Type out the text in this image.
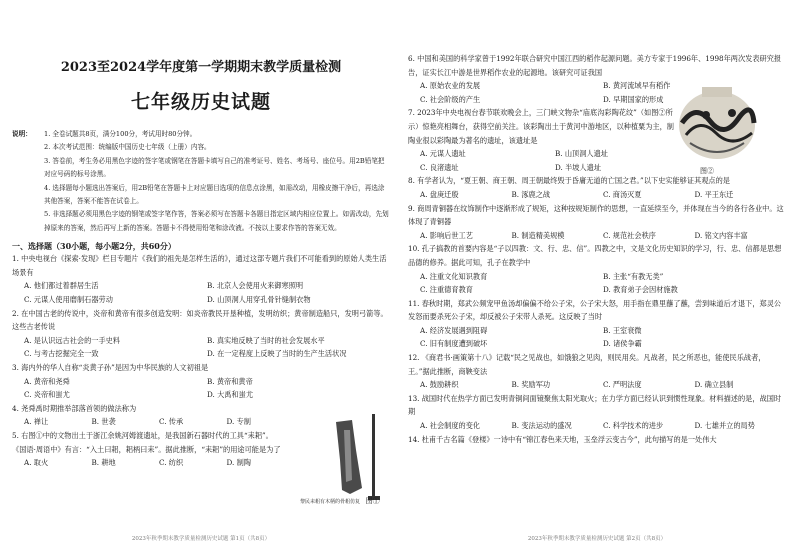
2023至2024学年度第一学期期末教学质量检测
七年级历史试题
说明： 1. 全卷试题共8页，满分100分，考试用时80分钟。

2. 本次考试范围：统编版中国历史七年级（上册）内容。

3. 答卷前，考生务必用黑色字迹的签字笔或钢笔在答题卡填写自己的准考证号、姓名、考场号、座位号。用2B铅笔把对应号码的标号涂黑。

4. 选择题每小题选出答案后，用2B铅笔在答题卡上对应题目选项的信息点涂黑，如需改动，用橡皮擦干净后，再选涂其他答案，答案不能答在试卷上。

5. 非选择题必须用黑色字迹的钢笔或签字笔作答，答案必须写在答题卡各题目指定区域内相应位置上。如需改动，先划掉原来的答案，然后再写上新的答案。答题卡不得使用铅笔和涂改液。不按以上要求作答的答案无效。

一、选择题（30小题，每小题2分，共60分）

1. 中央电视台《探索·发现》栏目专题片《我们的祖先是怎样生活的》，通过这部专题片我们不可能看到的原始人类生活场景有

A. 他们都过着群居生活	B. 北京人会使用火来御寒照明
C. 元谋人使用磨制石器劳动	D. 山顶洞人用穿孔骨针缝制衣物

2. 在中国古老的传说中，炎帝和黄帝有很多创造发明：如炎帝教民开垦种植，发明纺织；黄帝制造船只，发明弓箭等。这些古老传说

A. 是认识远古社会的一手史料	B. 真实地反映了当时的社会发展水平
C. 与考古挖掘完全一致	D. 在一定程度上反映了当时的生产生活状况

3. 海内外的华人自称“炎黄子孙”是因为中华民族的人文初祖是

A. 黄帝和尧舜	B. 黄帝和黄帝
C. 炎帝和蚩尤	D. 大禹和蚩尤

4. 尧舜禹时期推举部落首领的做法称为

A. 禅让	B. 世袭	C. 传承	D. 专制

5. 右图①中的文物出土于浙江余姚河姆渡遗址，是我国新石器时代的工具“耒耜”。《国语·周语中》有言：“入土曰耜，耜柄曰耒”。据此推断，“耒耜”的用途可能是为了

A. 取火	B. 耕地	C. 纺织	D. 制陶

6. 中国和美国的科学家曾于1992年联合研究中国江西的稻作起源问题。美方专家于1996年、1998年两次发表研究报告，证实长江中游是世界稻作农业的起源地。该研究可证我国

A. 原始农业的发展	B. 黄河流域早有稻作
C. 社会阶级的产生	D. 早期国家的形成

7. 2023年中央电视台春节联欢晚会上，三门峡文物杂“庙底沟彩陶花纹”（如图②所示）惊艳亮相舞台，获得空前关注。该彩陶出土于黄河中游地区，以种植粟为主，制陶业很以彩陶最为著名的遗址，该遗址是

A. 元谋人遗址	B. 山顶洞人遗址
C. 良渚遗址	D. 半坡人遗址

8. 有学者认为，“夏王朝、商王朝、周王朝最终毁于昏庸无道的亡国之君。”以下史实能够证其观点的是

A. 盘庚迁殷	B. 涿鹿之战	C. 商汤灭夏	D. 平王东迁

9. 商周青铜器在纹饰制作中逐渐形成了规矩，这种按规矩制作的思想，一直延续至今，并体现在当今的各行各业中。这体现了青铜器

A. 影响后世工艺	B. 制造精美规模	C. 规范社会秩序	D. 铭文内容丰富

10. 孔子搞教的首要内容是“子以四教：文、行、忠、信”。四教之中，文是文化历史知识的学习，行、忠、信都是思想品德的修养。据此可知，孔子在教学中

A. 注重文化知识教育	B. 主张“有教无类”
C. 注重德育教育	D. 教育弟子会因材施教

11. 春秋时期，郑武公频宠甲鱼汤却偏偏不给公子宋，公子宋大怒，用手指在鼎里蘸了蘸，尝到味道后才退下，郑灵公发怒而要杀死公子宋，却反被公子宋带人杀死。这反映了当时

A. 经济发展遇到阻碍	B. 王室衰微
C. 旧有制度遭到破坏	D. 诸侯争霸

12. 《商君书·画策第十八》记载“民之见战也，如饿狼之见肉，则民用矣。凡战者，民之所恶也，能使民乐战者，王。”据此推断，商鞅变法

A. 鼓励耕织	B. 奖励军功	C. 严明法度	D. 确立县制

13. 战国时代在热学方面已发明青铜间面镜聚焦太阳光取火；在力学方面已经认识到惯性现象。材料描述的是，战国时期

A. 社会制度的变化	B. 变法运动的盛况	C. 科学技术的进步	D. 七雄并立的局势

14. 杜甫千古名篇《登楼》一诗中有“锦江春色来天地，玉垒浮云变古今”，此句描写的是一处伟大

黎民耒耜有木柄的骨耜仿复 图①
图②
2023年秋季期末教学质量检测历史试题 第1页（共8页）	2023年秋季期末教学质量检测历史试题 第2页（共8页）
